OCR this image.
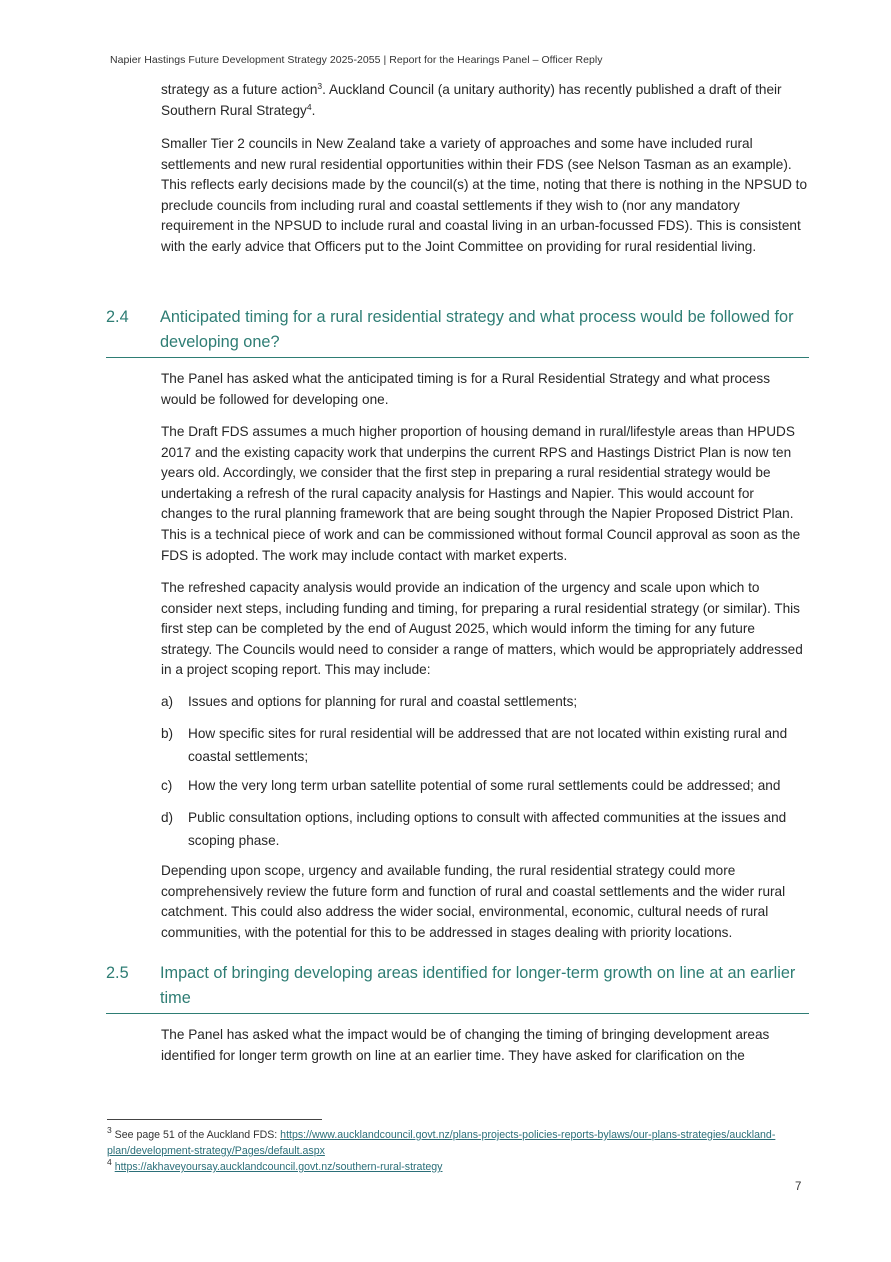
Napier Hastings Future Development Strategy 2025-2055 | Report for the Hearings Panel – Officer Reply

strategy as a future action$^3$. Auckland Council (a unitary authority) has recently published a draft of their Southern Rural Strategy$^4$.

Smaller Tier 2 councils in New Zealand take a variety of approaches and some have included rural settlements and new rural residential opportunities within their FDS (see Nelson Tasman as an example). This reflects early decisions made by the council(s) at the time, noting that there is nothing in the NPSUD to preclude councils from including rural and coastal settlements if they wish to (nor any mandatory requirement in the NPSUD to include rural and coastal living in an urban-focussed FDS). This is consistent with the early advice that Officers put to the Joint Committee on providing for rural residential living.

2.4 Anticipated timing for a rural residential strategy and what process would be followed for developing one?

The Panel has asked what the anticipated timing is for a Rural Residential Strategy and what process would be followed for developing one.

The Draft FDS assumes a much higher proportion of housing demand in rural/lifestyle areas than HPUDS 2017 and the existing capacity work that underpins the current RPS and Hastings District Plan is now ten years old. Accordingly, we consider that the first step in preparing a rural residential strategy would be undertaking a refresh of the rural capacity analysis for Hastings and Napier. This would account for changes to the rural planning framework that are being sought through the Napier Proposed District Plan. This is a technical piece of work and can be commissioned without formal Council approval as soon as the FDS is adopted. The work may include contact with market experts.

The refreshed capacity analysis would provide an indication of the urgency and scale upon which to consider next steps, including funding and timing, for preparing a rural residential strategy (or similar). This first step can be completed by the end of August 2025, which would inform the timing for any future strategy. The Councils would need to consider a range of matters, which would be appropriately addressed in a project scoping report. This may include:

a) Issues and options for planning for rural and coastal settlements;
b) How specific sites for rural residential will be addressed that are not located within existing rural and coastal settlements;
c) How the very long term urban satellite potential of some rural settlements could be addressed; and
d) Public consultation options, including options to consult with affected communities at the issues and scoping phase.

Depending upon scope, urgency and available funding, the rural residential strategy could more comprehensively review the future form and function of rural and coastal settlements and the wider rural catchment. This could also address the wider social, environmental, economic, cultural needs of rural communities, with the potential for this to be addressed in stages dealing with priority locations.

2.5 Impact of bringing developing areas identified for longer-term growth on line at an earlier time

The Panel has asked what the impact would be of changing the timing of bringing development areas identified for longer term growth on line at an earlier time. They have asked for clarification on the

$^3$ See page 51 of the Auckland FDS: https://www.aucklandcouncil.govt.nz/plans-projects-policies-reports-bylaws/our-plans-strategies/auckland-plan/development-strategy/Pages/default.aspx
$^4$ https://akhaveyoursay.aucklandcouncil.govt.nz/southern-rural-strategy
7
